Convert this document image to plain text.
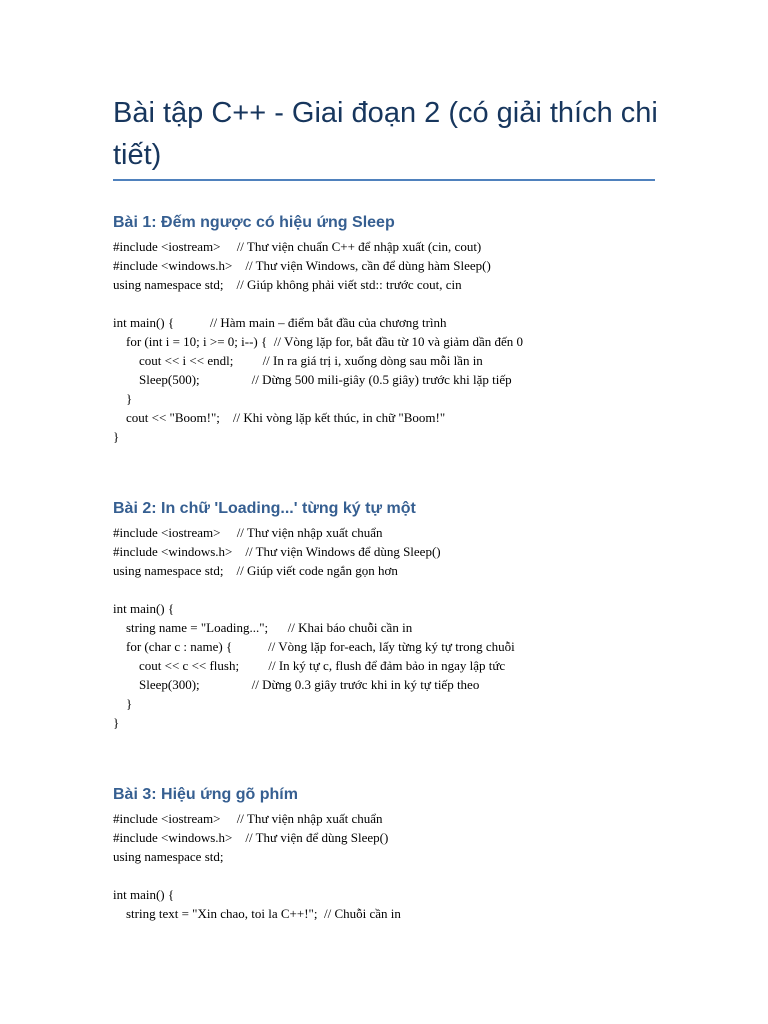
Bài tập C++ - Giai đoạn 2 (có giải thích chi tiết)
Bài 1: Đếm ngược có hiệu ứng Sleep
#include <iostream>     // Thư viện chuẩn C++ để nhập xuất (cin, cout)
#include <windows.h>    // Thư viện Windows, cần để dùng hàm Sleep()
using namespace std;    // Giúp không phải viết std:: trước cout, cin
int main() {           // Hàm main – điểm bắt đầu của chương trình
for (int i = 10; i >= 0; i--) {  // Vòng lặp for, bắt đầu từ 10 và giảm dần đến 0
cout << i << endl;         // In ra giá trị i, xuống dòng sau mỗi lần in
Sleep(500);                // Dừng 500 mili-giây (0.5 giây) trước khi lặp tiếp
}
cout << "Boom!";    // Khi vòng lặp kết thúc, in chữ "Boom!"
}
Bài 2: In chữ 'Loading...' từng ký tự một
#include <iostream>     // Thư viện nhập xuất chuẩn
#include <windows.h>    // Thư viện Windows để dùng Sleep()
using namespace std;    // Giúp viết code ngắn gọn hơn
int main() {
string name = "Loading...";      // Khai báo chuỗi cần in
for (char c : name) {           // Vòng lặp for-each, lấy từng ký tự trong chuỗi
cout << c << flush;         // In ký tự c, flush để đảm bảo in ngay lập tức
Sleep(300);                // Dừng 0.3 giây trước khi in ký tự tiếp theo
}
}
Bài 3: Hiệu ứng gõ phím
#include <iostream>     // Thư viện nhập xuất chuẩn
#include <windows.h>    // Thư viện để dùng Sleep()
using namespace std;
int main() {
string text = "Xin chao, toi la C++!";  // Chuỗi cần in
